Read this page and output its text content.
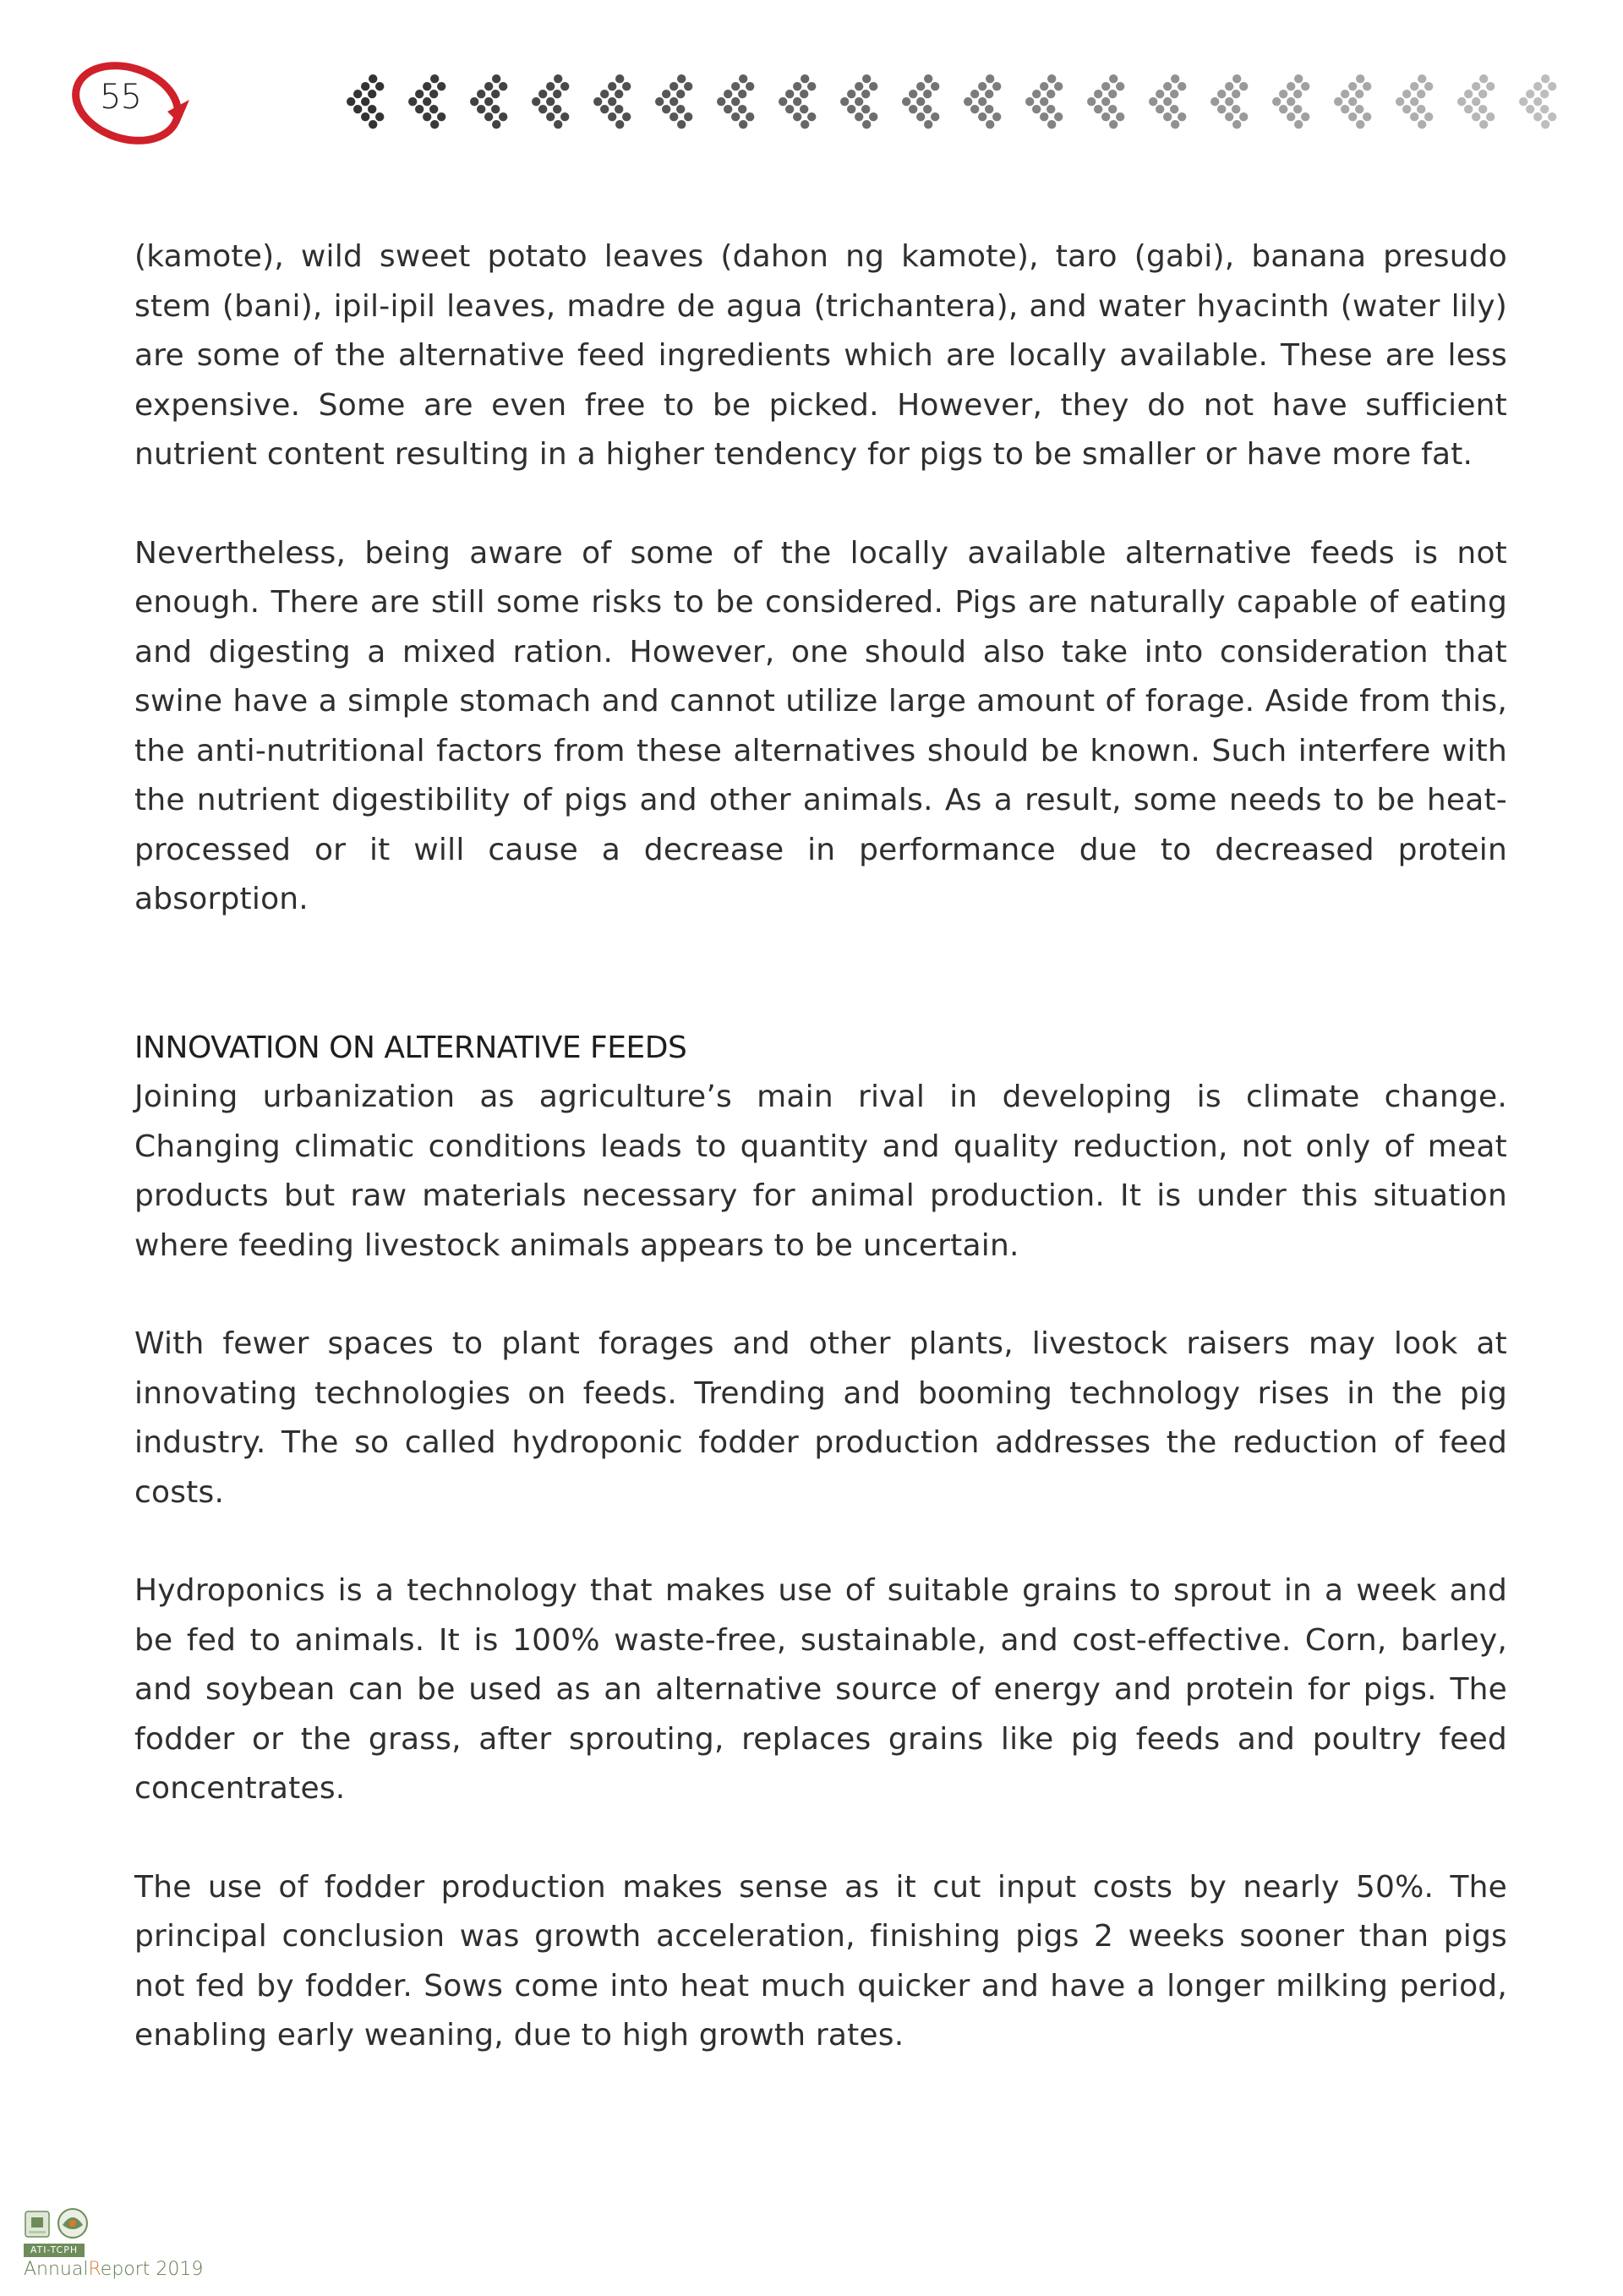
55

(kamote), wild sweet potato leaves (dahon ng kamote), taro (gabi), banana presudo stem (bani), ipil-ipil leaves, madre de agua (trichantera), and water hyacinth (water lily) are some of the alternative feed ingredients which are locally available. These are less expensive. Some are even free to be picked. However, they do not have sufficient nutrient content resulting in a higher tendency for pigs to be smaller or have more fat.

Nevertheless, being aware of some of the locally available alternative feeds is not enough. There are still some risks to be considered. Pigs are naturally capable of eating and digesting a mixed ration. However, one should also take into consideration that swine have a simple stomach and cannot utilize large amount of forage. Aside from this, the anti-nutritional factors from these alternatives should be known. Such interfere with the nutrient digestibility of pigs and other animals. As a result, some needs to be heat-processed or it will cause a decrease in performance due to decreased protein absorption.

INNOVATION ON ALTERNATIVE FEEDS

Joining urbanization as agriculture’s main rival in developing is climate change. Changing climatic conditions leads to quantity and quality reduction, not only of meat products but raw materials necessary for animal production. It is under this situation where feeding livestock animals appears to be uncertain.

With fewer spaces to plant forages and other plants, livestock raisers may look at innovating technologies on feeds. Trending and booming technology rises in the pig industry. The so called hydroponic fodder production addresses the reduction of feed costs.

Hydroponics is a technology that makes use of suitable grains to sprout in a week and be fed to animals. It is 100% waste-free, sustainable, and cost-effective. Corn, barley, and soybean can be used as an alternative source of energy and protein for pigs. The fodder or the grass, after sprouting, replaces grains like pig feeds and poultry feed concentrates.

The use of fodder production makes sense as it cut input costs by nearly 50%. The principal conclusion was growth acceleration, finishing pigs 2 weeks sooner than pigs not fed by fodder. Sows come into heat much quicker and have a longer milking period, enabling early weaning, due to high growth rates.

ATI-TCPH
AnnualReport 2019
